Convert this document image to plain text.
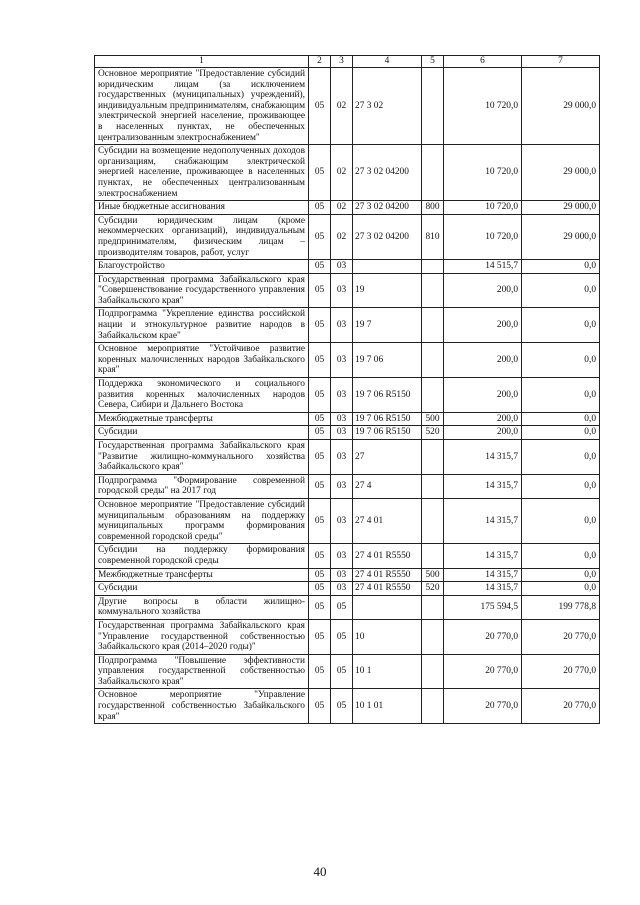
1	2	3	4	5	6	7
Основное мероприятие "Предоставление субсидий юридическим лицам (за исключением государственных (муниципальных) учреждений), индивидуальным предпринимателям, снабжающим электрической энергией население, проживающее в населенных пунктах, не обеспеченных централизованным электроснабжением"	05	02	27 3 02		10 720,0	29 000,0
Субсидии на возмещение недополученных доходов организациям, снабжающим электрической энергией население, проживающее в населенных пунктах, не обеспеченных централизованным электроснабжением	05	02	27 3 02 04200		10 720,0	29 000,0
Иные бюджетные ассигнования	05	02	27 3 02 04200	800	10 720,0	29 000,0
Субсидии юридическим лицам (кроме некоммерческих организаций), индивидуальным предпринимателям, физическим лицам – производителям товаров, работ, услуг	05	02	27 3 02 04200	810	10 720,0	29 000,0
Благоустройство	05	03			14 515,7	0,0
Государственная программа Забайкальского края "Совершенствование государственного управления Забайкальского края"	05	03	19		200,0	0,0
Подпрограмма "Укрепление единства российской нации и этнокультурное развитие народов в Забайкальском крае"	05	03	19 7		200,0	0,0
Основное мероприятие "Устойчивое развитие коренных малочисленных народов Забайкальского края"	05	03	19 7 06		200,0	0,0
Поддержка экономического и социального развития коренных малочисленных народов Севера, Сибири и Дальнего Востока	05	03	19 7 06 R5150		200,0	0,0
Межбюджетные трансферты	05	03	19 7 06 R5150	500	200,0	0,0
Субсидии	05	03	19 7 06 R5150	520	200,0	0,0
Государственная программа Забайкальского края "Развитие жилищно-коммунального хозяйства Забайкальского края"	05	03	27		14 315,7	0,0
Подпрограмма "Формирование современной городской среды" на 2017 год	05	03	27 4		14 315,7	0,0
Основное мероприятие "Предоставление субсидий муниципальным образованиям на поддержку муниципальных программ формирования современной городской среды"	05	03	27 4 01		14 315,7	0,0
Субсидии на поддержку формирования современной городской среды	05	03	27 4 01 R5550		14 315,7	0,0
Межбюджетные трансферты	05	03	27 4 01 R5550	500	14 315,7	0,0
Субсидии	05	03	27 4 01 R5550	520	14 315,7	0,0
Другие вопросы в области жилищно-коммунального хозяйства	05	05			175 594,5	199 778,8
Государственная программа Забайкальского края "Управление государственной собственностью Забайкальского края (2014–2020 годы)"	05	05	10		20 770,0	20 770,0
Подпрограмма "Повышение эффективности управления государственной собственностью Забайкальского края"	05	05	10 1		20 770,0	20 770,0
Основное мероприятие "Управление государственной собственностью Забайкальского края"	05	05	10 1 01		20 770,0	20 770,0
40
